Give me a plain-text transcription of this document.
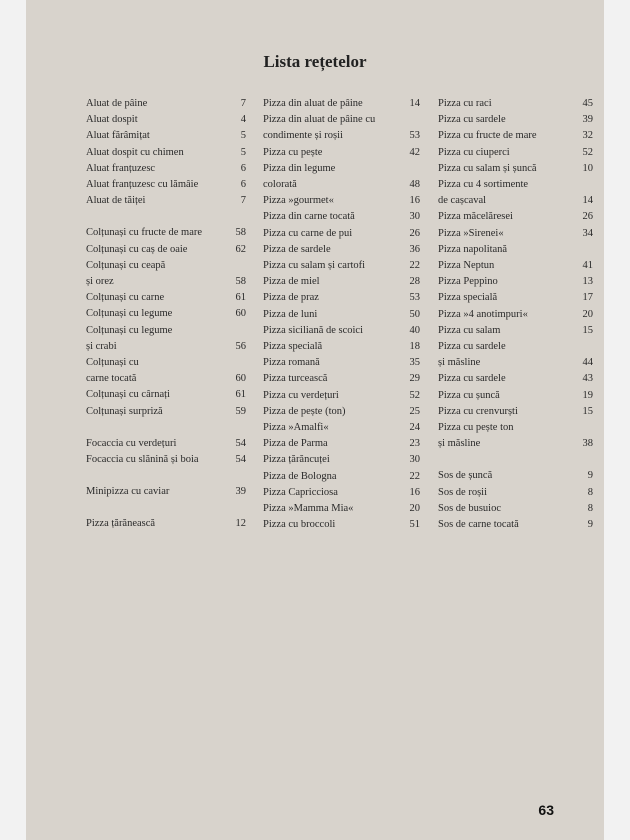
Lista rețetelor
Aluat de pâine	7
Aluat dospit	4
Aluat fărâmițat	5
Aluat dospit cu chimen	5
Aluat franțuzesc	6
Aluat franțuzesc cu lămâie	6
Aluat de tăiței	7
Colțunași cu fructe de mare	58
Colțunași cu caș de oaie	62
Colțunași cu ceapă
și orez	58
Colțunași cu carne	61
Colțunași cu legume	60
Colțunași cu legume
și crabi	56
Colțunași cu
carne tocată	60
Colțunași cu cârnați	61
Colțunași surpriză	59
Focaccia cu verdețuri	54
Focaccia cu slănină și boia	54
Minipizza cu caviar	39
Pizza țărănească	12
Pizza din aluat de pâine	14
Pizza din aluat de pâine cu
condimente și roșii	53
Pizza cu pește	42
Pizza din legume
colorată	48
Pizza »gourmet«	16
Pizza din carne tocată	30
Pizza cu carne de pui	26
Pizza de sardele	36
Pizza cu salam și cartofi	22
Pizza de miel	28
Pizza de praz	53
Pizza de luni	50
Pizza siciliană de scoici	40
Pizza specială	18
Pizza romană	35
Pizza turcească	29
Pizza cu verdețuri	52
Pizza de pește (ton)	25
Pizza »Amalfi«	24
Pizza de Parma	23
Pizza țărăncuței	30
Pizza de Bologna	22
Pizza Capricciosa	16
Pizza »Mamma Mia«	20
Pizza cu broccoli	51
Pizza cu raci	45
Pizza cu sardele	39
Pizza cu fructe de mare	32
Pizza cu ciuperci	52
Pizza cu salam și șuncă	10
Pizza cu 4 sortimente
de cașcaval	14
Pizza măcelăresei	26
Pizza »Sirenei«	34
Pizza napolitană
Pizza Neptun	41
Pizza Peppino	13
Pizza specială	17
Pizza »4 anotimpuri«	20
Pizza cu salam	15
Pizza cu sardele
și măsline	44
Pizza cu sardele	43
Pizza cu șuncă	19
Pizza cu crenvurști	15
Pizza cu pește ton
și măsline	38
Sos de șuncă	9
Sos de roșii	8
Sos de busuioc	8
Sos de carne tocată	9
63
